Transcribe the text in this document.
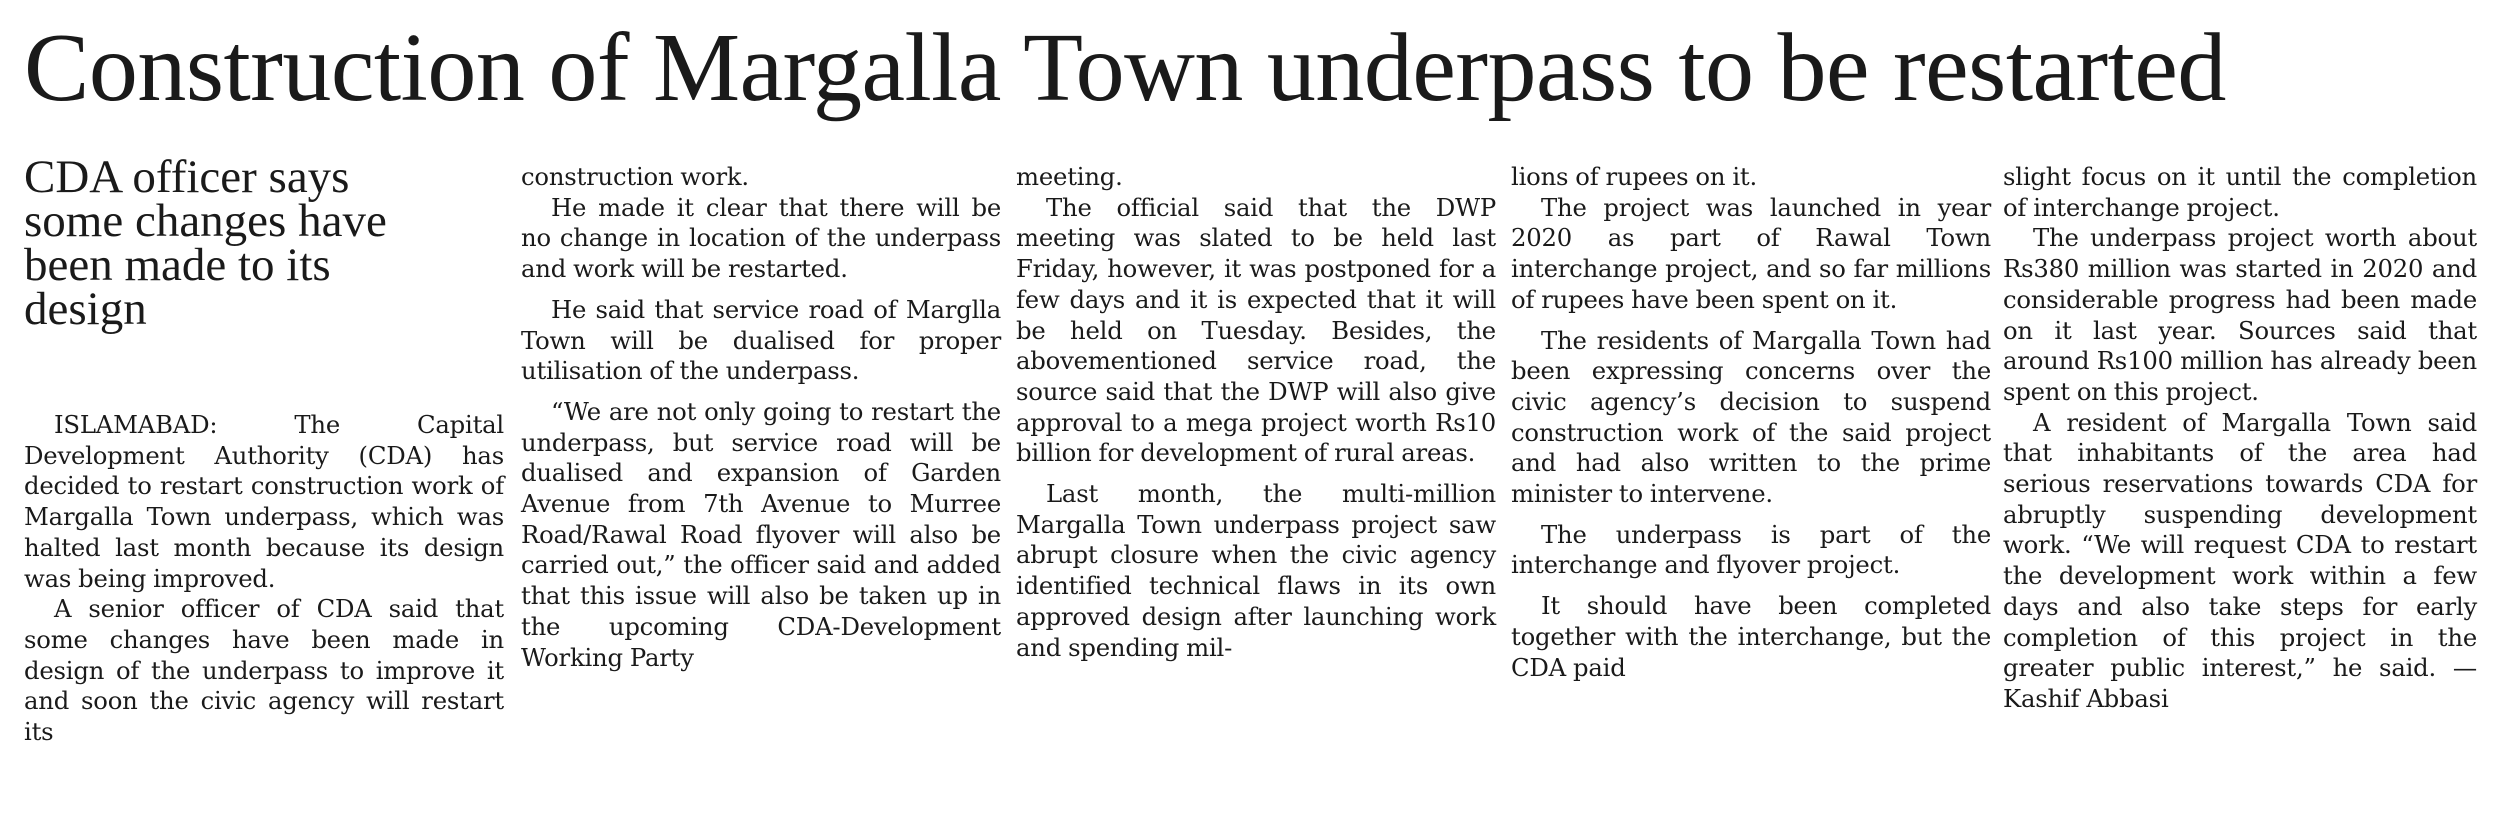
Construction of Margalla Town underpass to be restarted
CDA officer says some changes have been made to its design

ISLAMABAD: The Capital Development Authority (CDA) has decided to restart construction work of Margalla Town underpass, which was halted last month because its design was being improved.

A senior officer of CDA said that some changes have been made in design of the underpass to improve it and soon the civic agency will restart its

construction work.

He made it clear that there will be no change in location of the underpass and work will be restarted.

He said that service road of Margllа Town will be dualised for proper utilisation of the underpass.

“We are not only going to restart the underpass, but service road will be dualised and expansion of Garden Avenue from 7th Avenue to Murree Road/Rawal Road flyover will also be carried out,” the officer said and added that this issue will also be taken up in the upcoming CDA-Development Working Party

meeting.

The official said that the DWP meeting was slated to be held last Friday, however, it was postponed for a few days and it is expected that it will be held on Tuesday. Besides, the abovementioned service road, the source said that the DWP will also give approval to a mega project worth Rs10 billion for development of rural areas.

Last month, the multi-million Margalla Town underpass project saw abrupt closure when the civic agency identified technical flaws in its own approved design after launching work and spending mil-

lions of rupees on it.

The project was launched in year 2020 as part of Rawal Town interchange project, and so far millions of rupees have been spent on it.

The residents of Margalla Town had been expressing concerns over the civic agency’s decision to suspend construction work of the said project and had also written to the prime minister to intervene.

The underpass is part of the interchange and flyover project.

It should have been completed together with the interchange, but the CDA paid

slight focus on it until the completion of interchange project.

The underpass project worth about Rs380 million was started in 2020 and considerable progress had been made on it last year. Sources said that around Rs100 million has already been spent on this project.

A resident of Margalla Town said that inhabitants of the area had serious reservations towards CDA for abruptly suspending development work. “We will request CDA to restart the development work within a few days and also take steps for early completion of this project in the greater public interest,” he said. — Kashif Abbasi
